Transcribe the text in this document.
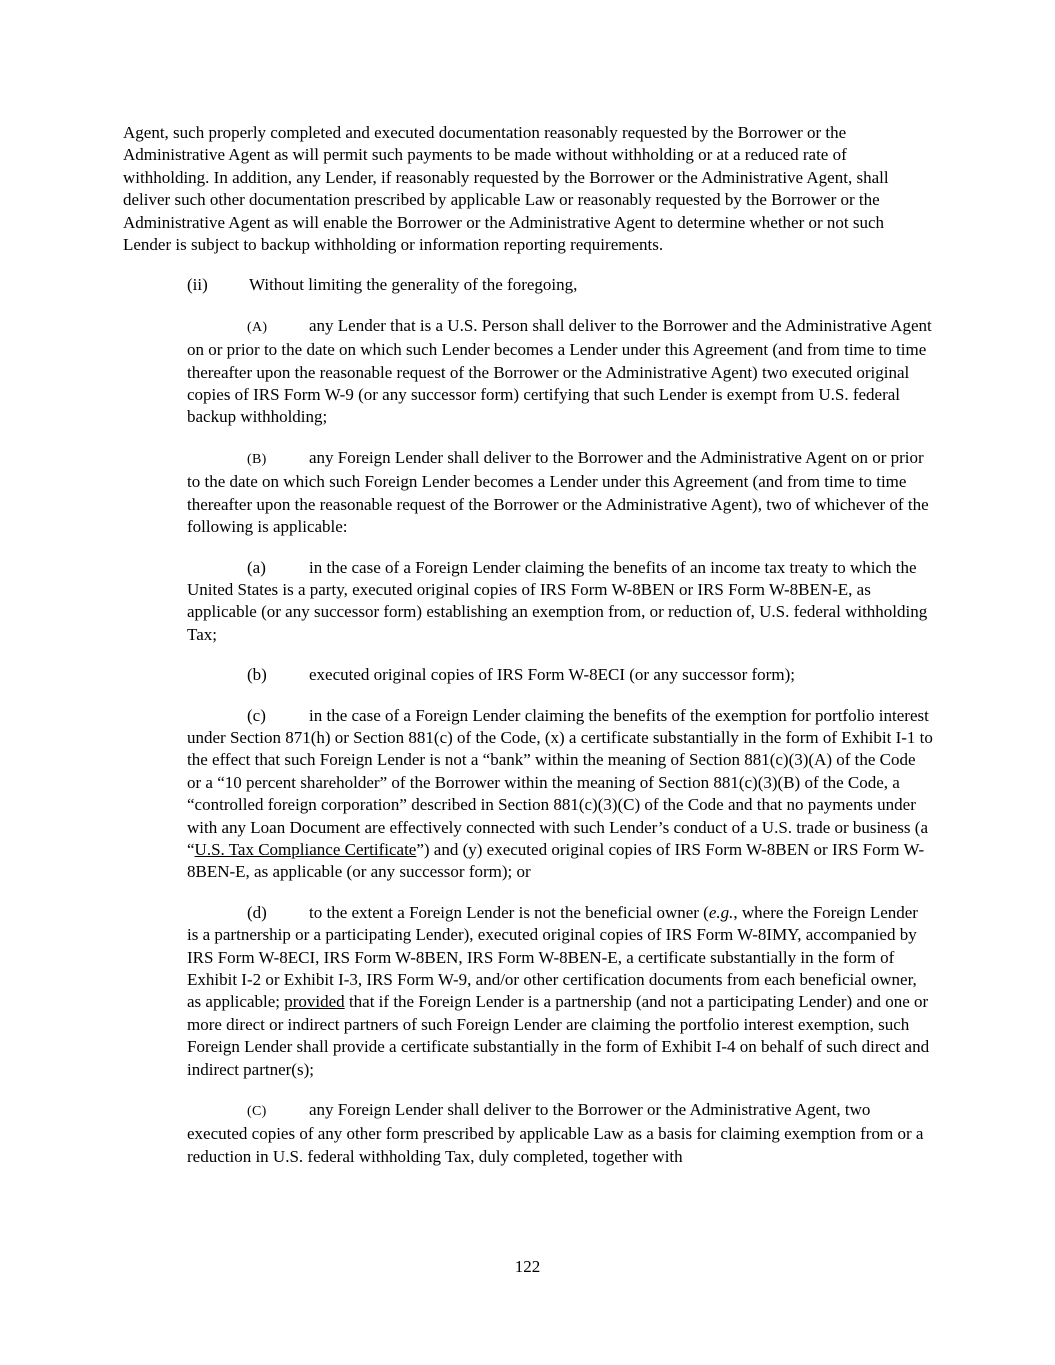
Agent, such properly completed and executed documentation reasonably requested by the Borrower or the Administrative Agent as will permit such payments to be made without withholding or at a reduced rate of withholding. In addition, any Lender, if reasonably requested by the Borrower or the Administrative Agent, shall deliver such other documentation prescribed by applicable Law or reasonably requested by the Borrower or the Administrative Agent as will enable the Borrower or the Administrative Agent to determine whether or not such Lender is subject to backup withholding or information reporting requirements.

(ii) Without limiting the generality of the foregoing,

(A) any Lender that is a U.S. Person shall deliver to the Borrower and the Administrative Agent on or prior to the date on which such Lender becomes a Lender under this Agreement (and from time to time thereafter upon the reasonable request of the Borrower or the Administrative Agent) two executed original copies of IRS Form W-9 (or any successor form) certifying that such Lender is exempt from U.S. federal backup withholding;

(B) any Foreign Lender shall deliver to the Borrower and the Administrative Agent on or prior to the date on which such Foreign Lender becomes a Lender under this Agreement (and from time to time thereafter upon the reasonable request of the Borrower or the Administrative Agent), two of whichever of the following is applicable:

(a)	in the case of a Foreign Lender claiming the benefits of an income tax treaty to which the United States is a party, executed original copies of IRS Form W-8BEN or IRS Form W-8BEN-E, as applicable (or any successor form) establishing an exemption from, or reduction of, U.S. federal withholding Tax;

(b) executed original copies of IRS Form W-8ECI (or any successor form);

(c)	in the case of a Foreign Lender claiming the benefits of the exemption for portfolio interest under Section 871(h) or Section 881(c) of the Code, (x) a certificate substantially in the form of Exhibit I-1 to the effect that such Foreign Lender is not a “bank” within the meaning of Section 881(c)(3)(A) of the Code or a “10 percent shareholder” of the Borrower within the meaning of Section 881(c)(3)(B) of the Code, a “controlled foreign corporation” described in Section 881(c)(3)(C) of the Code and that no payments under with any Loan Document are effectively connected with such Lender’s conduct of a U.S. trade or business (a “U.S. Tax Compliance Certificate”) and (y) executed original copies of IRS Form W-8BEN or IRS Form W-8BEN-E, as applicable (or any successor form); or

(d) to the extent a Foreign Lender is not the beneficial owner (e.g., where the Foreign Lender is a partnership or a participating Lender), executed original copies of IRS Form W-8IMY, accompanied by IRS Form W-8ECI, IRS Form W-8BEN, IRS Form W-8BEN-E, a certificate substantially in the form of Exhibit I-2 or Exhibit I-3, IRS Form W-9, and/or other certification documents from each beneficial owner, as applicable; provided that if the Foreign Lender is a partnership (and not a participating Lender) and one or more direct or indirect partners of such Foreign Lender are claiming the portfolio interest exemption, such Foreign Lender shall provide a certificate substantially in the form of Exhibit I-4 on behalf of such direct and indirect partner(s);

(C) any Foreign Lender shall deliver to the Borrower or the Administrative Agent, two executed copies of any other form prescribed by applicable Law as a basis for claiming exemption from or a reduction in U.S. federal withholding Tax, duly completed, together with

122
